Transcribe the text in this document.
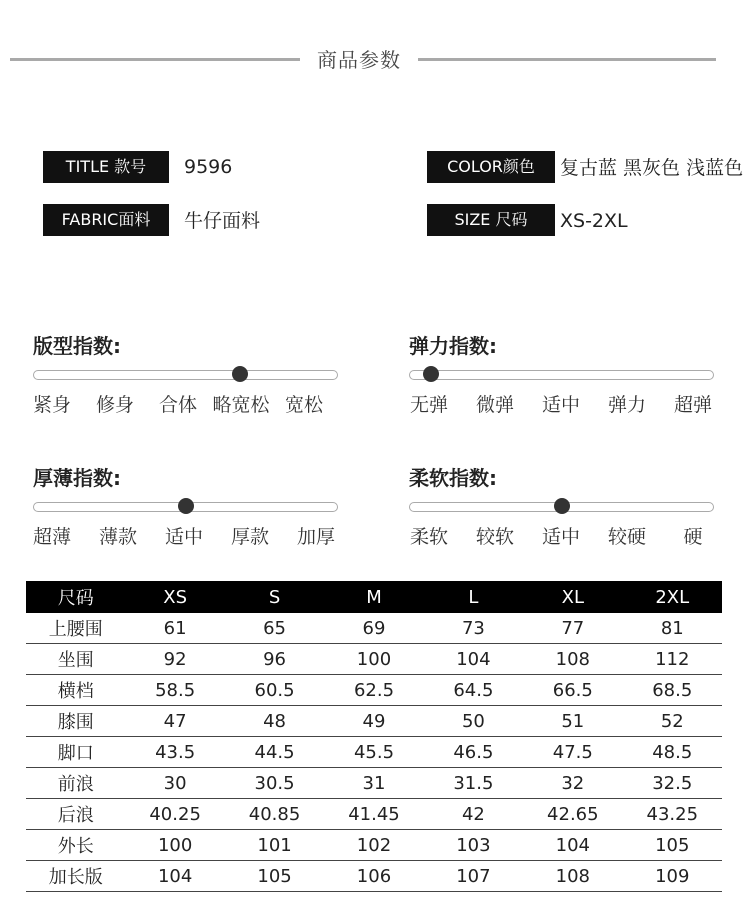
商品参数
TITLE 款号	9596
FABRIC面料	牛仔面料
COLOR颜色	复古蓝 黑灰色 浅蓝色
SIZE 尺码	XS-2XL
版型指数:
紧身 修身 合体 略宽松 宽松
弹力指数:
无弹 微弹 适中 弹力 超弹
厚薄指数:
超薄 薄款 适中 厚款 加厚
柔软指数:
柔软 较软 适中 较硬 硬
尺码	XS	S	M	L	XL	2XL
上腰围	61	65	69	73	77	81
坐围	92	96	100	104	108	112
横档	58.5	60.5	62.5	64.5	66.5	68.5
膝围	47	48	49	50	51	52
脚口	43.5	44.5	45.5	46.5	47.5	48.5
前浪	30	30.5	31	31.5	32	32.5
后浪	40.25	40.85	41.45	42	42.65	43.25
外长	100	101	102	103	104	105
加长版	104	105	106	107	108	109
